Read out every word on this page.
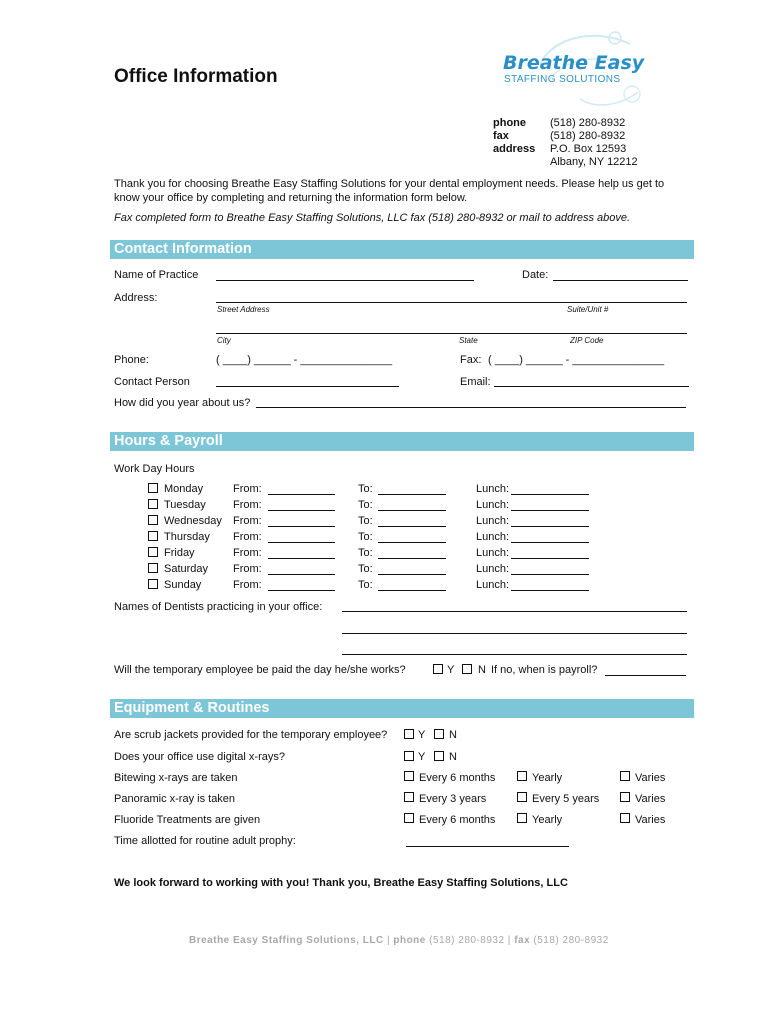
Breathe Easy
STAFFING SOLUTIONS
Office Information
phone (518) 280-8932
fax	(518) 280-8932
address P.O. Box 12593
Albany, NY 12212
Thank you for choosing Breathe Easy Staffing Solutions for your dental employment needs. Please help us get to
know your office by completing and returning the information form below.
Fax completed form to Breathe Easy Staffing Solutions, LLC fax (518) 280-8932 or mail to address above.
Contact Information
Name of Practice	Date:
Address:
Street Address	Suite/Unit #
City	State	ZIP Code
Phone:	( ____) ______ - _______________	Fax: ( ____) ______ - _______________
Contact Person	Email:
How did you year about us?
Hours & Payroll
Work Day Hours
Monday	From:	To:	Lunch:
Tuesday From:	To:	Lunch:
Wednesday From:	To:	Lunch:
Thursday From:	To:	Lunch:
Friday	From:	To:	Lunch:
Saturday From:	To:	Lunch:
Sunday	From:	To:	Lunch:
Names of Dentists practicing in your office:
Will the temporary employee be paid the day he/she works?	Y N If no, when is payroll?
Equipment & Routines
Are scrub jackets provided for the temporary employee?	Y N
Does your office use digital x-rays?	Y N
Bitewing x-rays are taken	Every 6 months	Yearly	Varies
Panoramic x-ray is taken	Every 3 years	Every 5 years	Varies
Fluoride Treatments are given	Every 6 months	Yearly	Varies
Time allotted for routine adult prophy:
We look forward to working with you! Thank you, Breathe Easy Staffing Solutions, LLC
Breathe Easy Staffing Solutions, LLC | phone (518) 280-8932 | fax (518) 280-8932
